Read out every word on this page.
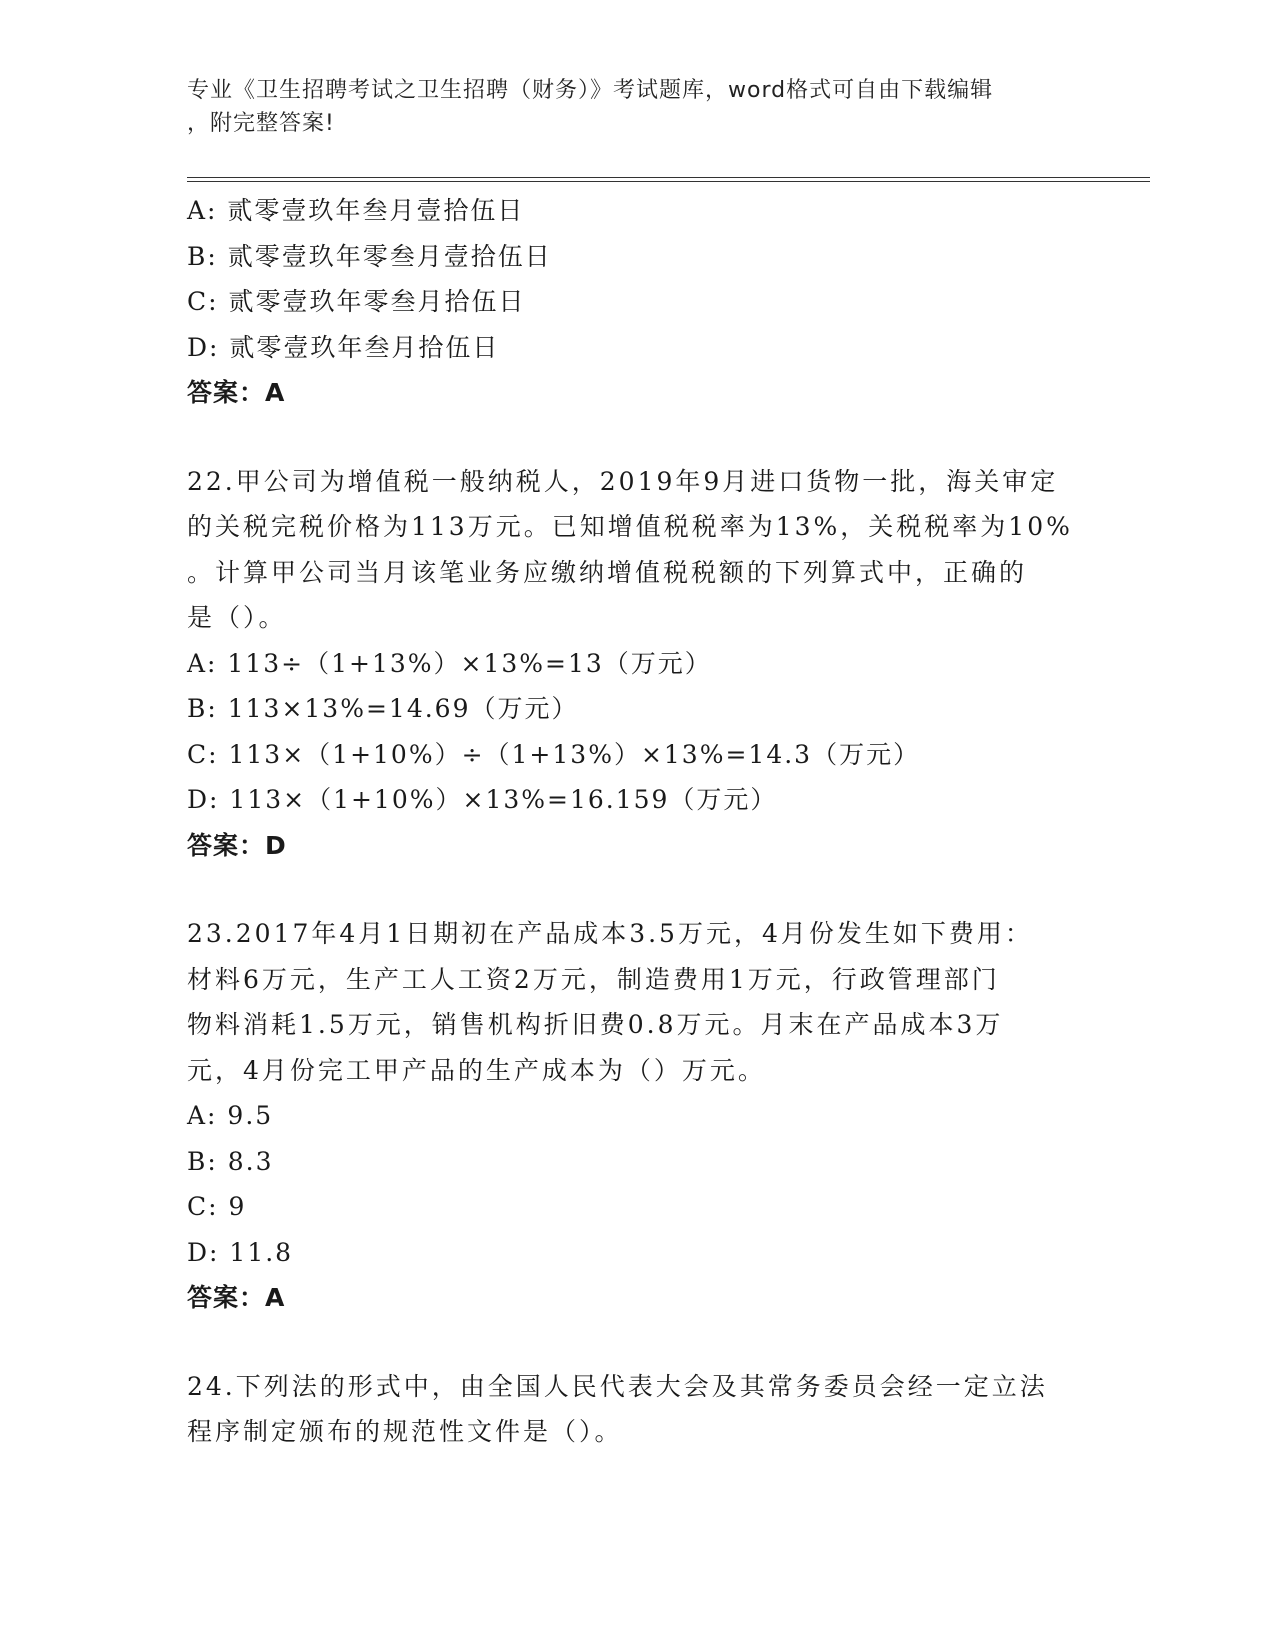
专业《卫生招聘考试之卫生招聘（财务）》考试题库，word格式可自由下载编辑
，附完整答案!
A: 贰零壹玖年叁月壹拾伍日
B: 贰零壹玖年零叁月壹拾伍日
C: 贰零壹玖年零叁月拾伍日
D: 贰零壹玖年叁月拾伍日
答案：A
22.甲公司为增值税一般纳税人，2019年9月进口货物一批，海关审定
的关税完税价格为113万元。已知增值税税率为13%，关税税率为10%
。计算甲公司当月该笔业务应缴纳增值税税额的下列算式中，正确的
是（）。
A: 113÷（1+13%）×13%=13（万元）
B: 113×13%=14.69（万元）
C: 113×（1+10%）÷（1+13%）×13%=14.3（万元）
D: 113×（1+10%）×13%=16.159（万元）
答案：D
23.2017年4月1日期初在产品成本3.5万元，4月份发生如下费用：
材料6万元，生产工人工资2万元，制造费用1万元，行政管理部门
物料消耗1.5万元，销售机构折旧费0.8万元。月末在产品成本3万
元，4月份完工甲产品的生产成本为（）万元。
A: 9.5
B: 8.3
C: 9
D: 11.8
答案：A
24.下列法的形式中，由全国人民代表大会及其常务委员会经一定立法
程序制定颁布的规范性文件是（）。
